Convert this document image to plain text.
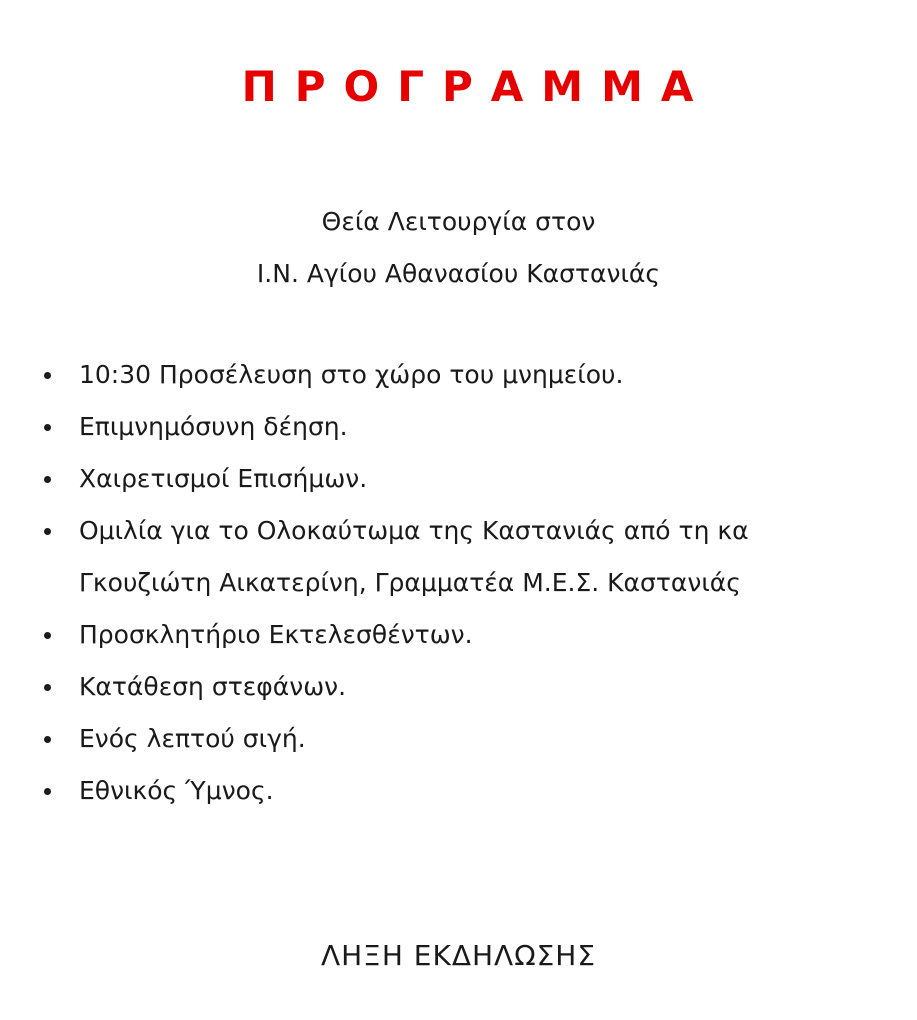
ΠΡΟΓΡΑΜΜΑ
Θεία Λειτουργία στον
Ι.Ν. Αγίου Αθανασίου Καστανιάς
10:30 Προσέλευση στο χώρο του μνημείου.
Επιμνημόσυνη δέηση.
Χαιρετισμοί Επισήμων.
Ομιλία για το Ολοκαύτωμα της Καστανιάς από τη κα
Γκουζιώτη Αικατερίνη, Γραμματέα Μ.Ε.Σ. Καστανιάς
Προσκλητήριο Εκτελεσθέντων.
Κατάθεση στεφάνων.
Ενός λεπτού σιγή.
Εθνικός Ύμνος.
ΛΗΞΗ ΕΚΔΗΛΩΣΗΣ
